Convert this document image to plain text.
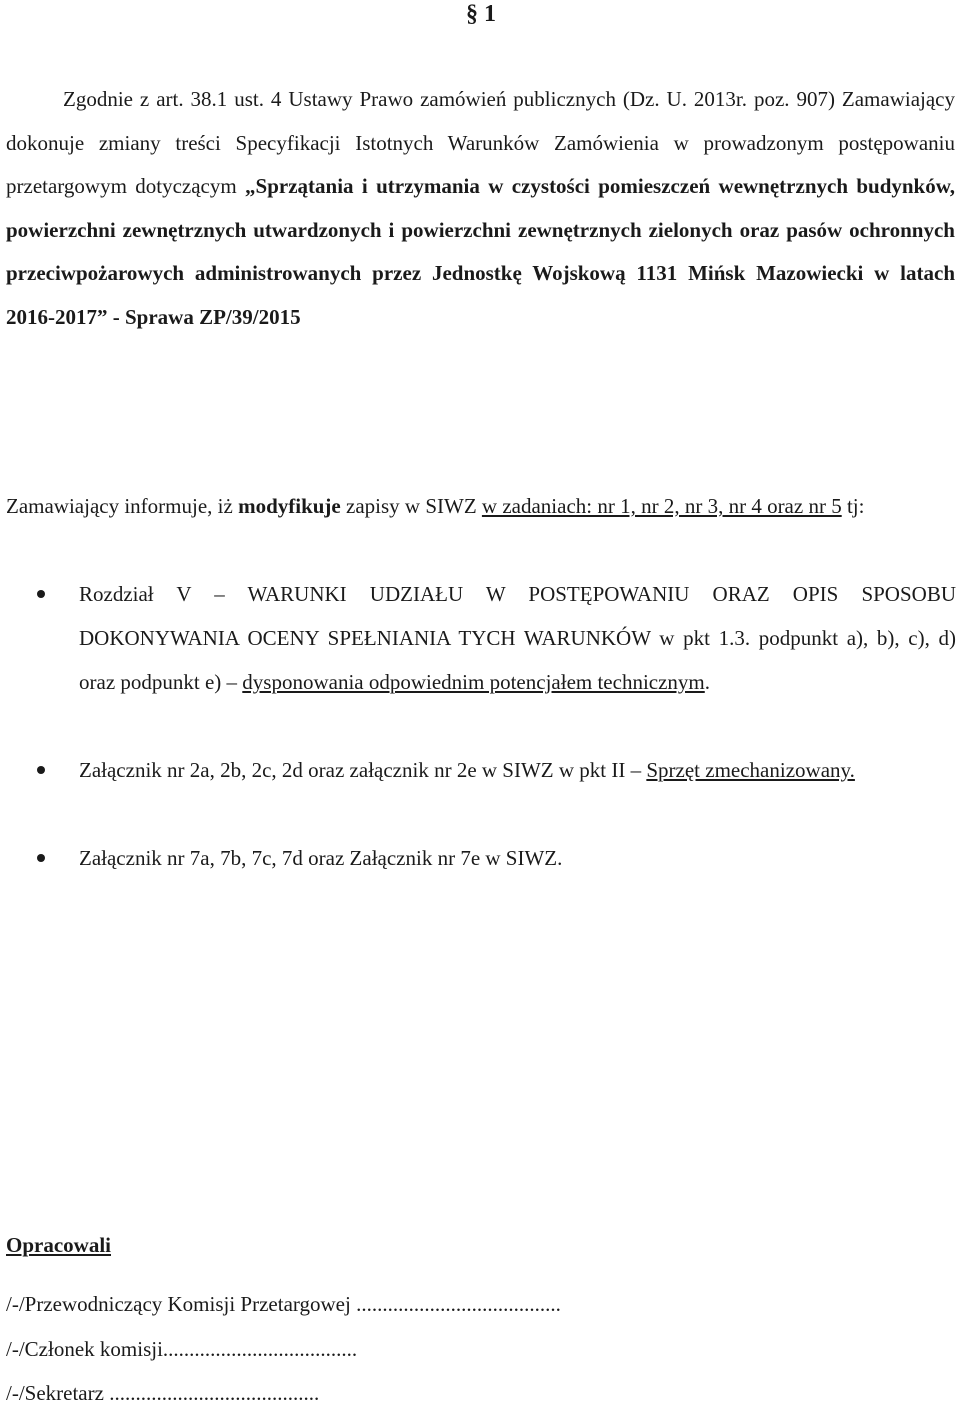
§ 1
Zgodnie z art. 38.1 ust. 4 Ustawy Prawo zamówień publicznych (Dz. U. 2013r. poz. 907) Zamawiający dokonuje zmiany treści Specyfikacji Istotnych Warunków Zamówienia w prowadzonym postępowaniu przetargowym dotyczącym „Sprzątania i utrzymania w czystości pomieszczeń wewnętrznych budynków, powierzchni zewnętrznych utwardzonych i powierzchni zewnętrznych zielonych oraz pasów ochronnych przeciwpożarowych administrowanych przez Jednostkę Wojskową 1131 Mińsk Mazowiecki w latach 2016-2017” - Sprawa ZP/39/2015
Zamawiający informuje, iż modyfikuje zapisy w SIWZ w zadaniach: nr 1, nr 2, nr 3, nr 4 oraz nr 5 tj:
Rozdział V – WARUNKI UDZIAŁU W POSTĘPOWANIU ORAZ OPIS SPOSOBU DOKONYWANIA OCENY SPEŁNIANIA TYCH WARUNKÓW w pkt 1.3. podpunkt a), b), c), d) oraz podpunkt e) – dysponowania odpowiednim potencjałem technicznym.
Załącznik nr 2a, 2b, 2c, 2d oraz załącznik nr 2e w SIWZ w pkt II – Sprzęt zmechanizowany.
Załącznik nr 7a, 7b, 7c, 7d oraz Załącznik nr 7e w SIWZ.
Opracowali
/-/Przewodniczący Komisji Przetargowej .......................................
/-/Członek komisji.....................................
/-/Sekretarz ........................................
